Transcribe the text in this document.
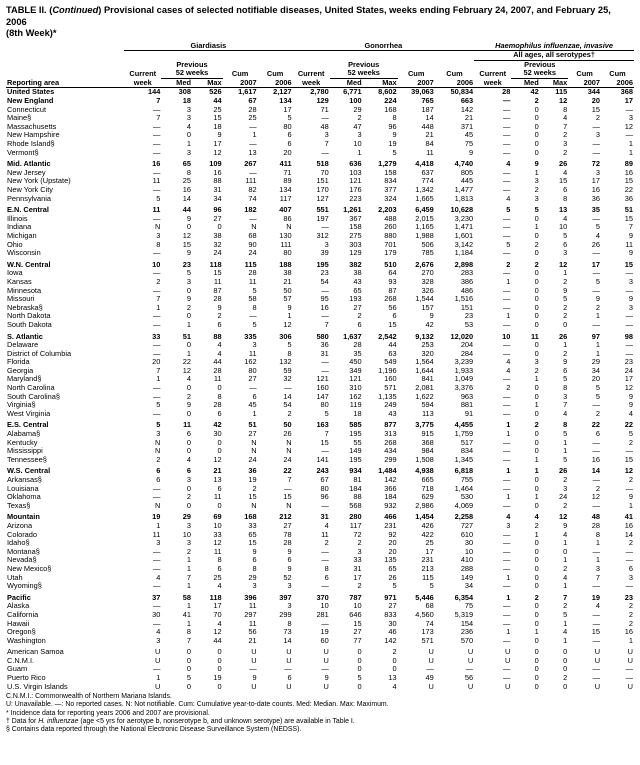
TABLE II. (Continued) Provisional cases of selected notifiable diseases, United States, weeks ending February 24, 2007, and February 25, 2006
(8th Week)*
	Giardiasis					Gonorrhea					Haemophilus influenzae, invasive				
											All ages, all serotypes†				
		Previous					Previous					Previous			
	Current	52 weeks		Cum	Cum	Current	52 weeks		Cum	Cum	Current	52 weeks		Cum	Cum
Reporting area	week	Med	Max	2007	2006	week	Med	Max	2007	2006	week	Med	Max	2007	2006
United States	144	308	526	1,617	2,127	2,780	6,771	8,602	39,063	50,834	28	42	115	344	368
New England	7	18	44	67	134	129	100	224	765	663	—	2	12	20	17
Connecticut	—	3	25	28	17	71	29	168	187	142	—	0	8	15	—
Maine§	7	3	15	25	5	—	2	8	14	21	—	0	4	2	3
Massachusetts	—	4	18	—	80	48	47	96	448	371	—	0	7	—	12
New Hampshire	—	0	9	1	6	3	3	9	21	45	—	0	2	3	—
Rhode Island§	—	1	17	—	6	7	10	19	84	75	—	0	3	—	1
Vermont§	—	3	12	13	20	—	1	5	11	9	—	0	2	—	1

Mid. Atlantic	16	65	109	267	411	518	636	1,279	4,418	4,740	4	9	26	72	89
New Jersey	—	8	16	—	71	70	103	158	637	805	—	1	4	3	16
New York (Upstate)	11	25	88	111	89	151	121	834	774	445	—	3	15	17	15
New York City	—	16	31	82	134	170	176	377	1,342	1,477	—	2	6	16	22
Pennsylvania	5	14	34	74	117	127	223	324	1,665	1,813	4	3	8	36	36

E.N. Central	11	44	96	182	407	551	1,261	2,203	6,459	10,628	5	5	13	35	51
Illinois	—	9	27	—	86	197	367	488	2,015	3,230	—	0	4	—	15
Indiana	N	0	0	N	N	—	158	260	1,165	1,471	—	1	10	5	7
Michigan	3	12	38	68	130	312	275	880	1,988	1,601	—	0	5	4	9
Ohio	8	15	32	90	111	3	303	701	506	3,142	5	2	6	26	11
Wisconsin	—	9	24	24	80	39	129	179	785	1,184	—	0	3	—	9

W.N. Central	10	23	118	115	188	195	382	510	2,676	2,898	2	2	12	17	15
Iowa	—	5	15	28	38	23	38	64	270	283	—	0	1	—	—
Kansas	2	3	11	11	21	54	43	93	328	386	1	0	2	5	3
Minnesota	—	0	87	5	50	—	65	87	326	486	—	0	9	—	—
Missouri	7	9	28	58	57	95	193	268	1,544	1,516	—	0	5	9	9
Nebraska§	1	2	9	8	9	16	27	56	157	151	—	0	2	2	3
North Dakota	—	0	2	—	1	—	2	6	9	23	1	0	2	1	—
South Dakota	—	1	6	5	12	7	6	15	42	53	—	0	0	—	—

S. Atlantic	33	51	88	335	306	580	1,637	2,542	9,132	12,020	10	11	26	97	98
Delaware	—	0	4	3	5	36	28	44	253	204	—	0	1	1	—
District of Columbia	—	1	4	11	8	31	35	63	320	284	—	0	2	1	—
Florida	20	22	44	162	132	—	450	549	1,564	3,239	4	3	9	29	23
Georgia	7	12	28	80	59	—	349	1,196	1,644	1,933	4	2	6	34	24
Maryland§	1	4	11	27	32	121	121	160	841	1,049	—	1	5	20	17
North Carolina	—	0	0	—	—	160	310	571	2,081	3,376	2	0	8	5	12
South Carolina§	—	2	8	6	14	147	162	1,135	1,622	963	—	0	3	5	9
Virginia§	5	9	28	45	54	80	119	249	594	881	—	1	7	—	9
West Virginia	—	0	6	1	2	5	18	43	113	91	—	0	4	2	4

E.S. Central	5	11	42	51	50	163	585	877	3,775	4,455	1	2	8	22	22
Alabama§	3	6	30	27	26	7	195	313	915	1,759	1	0	5	6	5
Kentucky	N	0	0	N	N	15	55	268	368	517	—	0	1	—	2
Mississippi	N	0	0	N	N	—	149	434	984	834	—	0	1	—	—
Tennessee§	2	4	12	24	24	141	195	299	1,508	1,345	—	1	5	16	15

W.S. Central	6	6	21	36	22	243	934	1,484	4,938	6,818	1	1	26	14	12
Arkansas§	6	3	13	19	7	67	81	142	665	755	—	0	2	—	2
Louisiana	—	0	6	2	—	80	184	366	718	1,464	—	0	3	2	—
Oklahoma	—	2	11	15	15	96	88	184	629	530	1	1	24	12	9
Texas§	N	0	0	N	N	—	568	932	2,986	4,069	—	0	2	—	1

Mountain	19	29	69	168	212	31	280	466	1,454	2,258	4	4	12	48	41
Arizona	1	3	10	33	27	4	117	231	426	727	3	2	9	28	16
Colorado	11	10	33	65	78	11	72	92	422	610	—	1	4	8	14
Idaho§	3	3	12	15	28	2	2	20	25	30	—	0	1	1	2
Montana§	—	2	11	9	9	—	3	20	17	10	—	0	0	—	—
Nevada§	—	1	8	6	6	—	33	135	231	410	—	0	1	1	—
New Mexico§	—	1	6	8	9	8	31	65	213	288	—	0	2	3	6
Utah	4	7	25	29	52	6	17	26	115	149	1	0	4	7	3
Wyoming§	—	1	4	3	3	—	2	5	5	34	—	0	1	—	—

Pacific	37	58	118	396	397	370	787	971	5,446	6,354	1	2	7	19	23
Alaska	—	1	17	11	3	10	10	27	68	75	—	0	2	4	2
California	30	41	70	297	299	281	646	833	4,560	5,319	—	0	5	—	2
Hawaii	—	1	4	11	8	—	15	30	74	154	—	0	1	—	2
Oregon§	4	8	12	56	73	19	27	46	173	236	1	1	4	15	16
Washington	3	7	44	21	14	60	77	142	571	570	—	0	1	—	1

American Samoa	U	0	0	U	U	U	0	2	U	U	U	0	0	U	U
C.N.M.I.	U	0	0	U	U	U	0	0	U	U	U	0	0	U	U
Guam	—	0	0	—	—	—	0	0	—	—	—	0	0	—	—
Puerto Rico	1	5	19	9	6	9	5	13	49	56	—	0	2	—	—
U.S. Virgin Islands	U	0	0	U	U	U	0	4	U	U	U	0	0	U	U
C.N.M.I.: Commonwealth of Northern Mariana Islands.
U: Unavailable. —: No reported cases. N: Not notifiable. Cum: Cumulative year-to-date counts. Med: Median. Max: Maximum.
* Incidence data for reporting years 2006 and 2007 are provisional.
† Data for H. influenzae (age <5 yrs for aerotype b, nonserotype b, and unknown serotype) are available in Table I.
§ Contains data reported through the National Electronic Disease Surveillance System (NEDSS).
